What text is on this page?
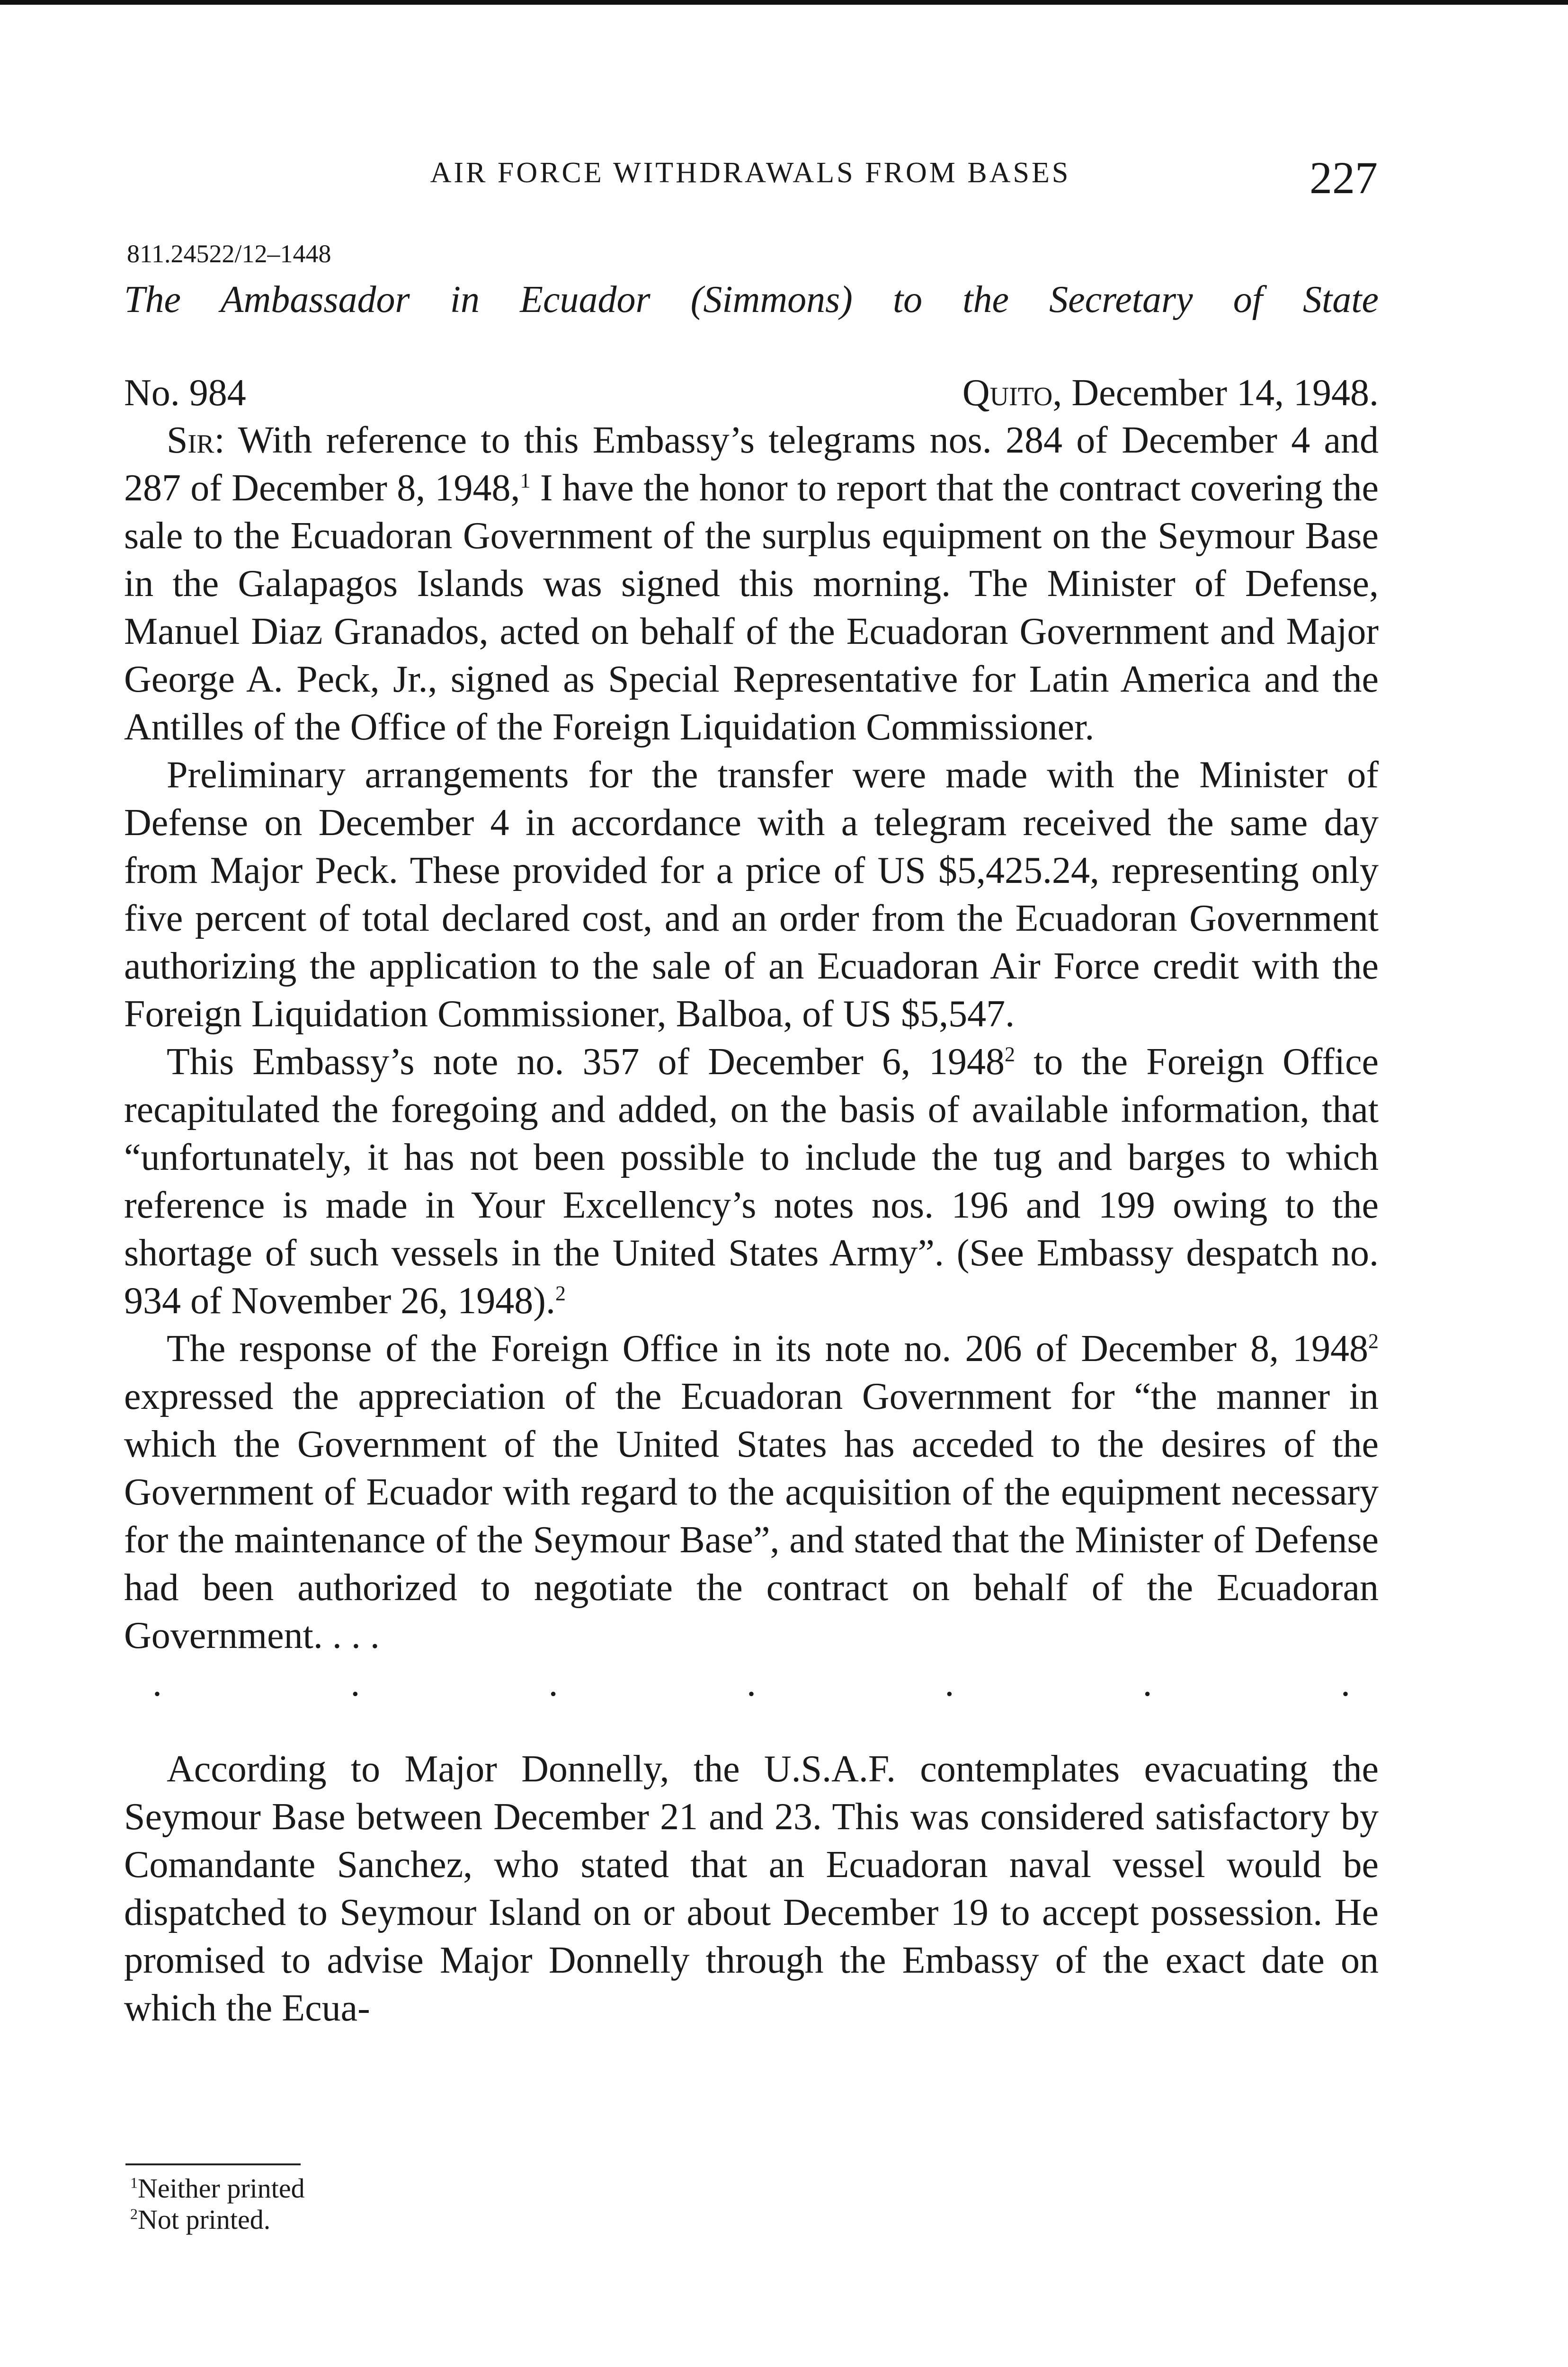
AIR FORCE WITHDRAWALS FROM BASES	227
811.24522/12–1448
The Ambassador in Ecuador (Simmons) to the Secretary of State
No. 984	Quito, December 14, 1948.

Sir: With reference to this Embassy’s telegrams nos. 284 of December 4 and 287 of December 8, 1948,$^1$ I have the honor to report that the contract covering the sale to the Ecuadoran Government of the surplus equipment on the Seymour Base in the Galapagos Islands was signed this morning. The Minister of Defense, Manuel Diaz Granados, acted on behalf of the Ecuadoran Government and Major George A. Peck, Jr., signed as Special Representative for Latin America and the Antilles of the Office of the Foreign Liquidation Commissioner.

Preliminary arrangements for the transfer were made with the Minister of Defense on December 4 in accordance with a telegram received the same day from Major Peck. These provided for a price of US $5,425.24, representing only five percent of total declared cost, and an order from the Ecuadoran Government authorizing the application to the sale of an Ecuadoran Air Force credit with the Foreign Liquidation Commissioner, Balboa, of US $5,547.

This Embassy’s note no. 357 of December 6, 1948$^2$ to the Foreign Office recapitulated the foregoing and added, on the basis of available information, that “unfortunately, it has not been possible to include the tug and barges to which reference is made in Your Excellency’s notes nos. 196 and 199 owing to the shortage of such vessels in the United States Army”. (See Embassy despatch no. 934 of November 26, 1948).$^2$

The response of the Foreign Office in its note no. 206 of December 8, 1948$^2$ expressed the appreciation of the Ecuadoran Government for “the manner in which the Government of the United States has acceded to the desires of the Government of Ecuador with regard to the acquisition of the equipment necessary for the maintenance of the Seymour Base”, and stated that the Minister of Defense had been authorized to negotiate the contract on behalf of the Ecuadoran Government. . . .

.	.	.	.	.	.	.

According to Major Donnelly, the U.S.A.F. contemplates evacuating the Seymour Base between December 21 and 23. This was considered satisfactory by Comandante Sanchez, who stated that an Ecuadoran naval vessel would be dispatched to Seymour Island on or about December 19 to accept possession. He promised to advise Major Donnelly through the Embassy of the exact date on which the Ecua-

$^1$Neither printed
$^2$Not printed.
